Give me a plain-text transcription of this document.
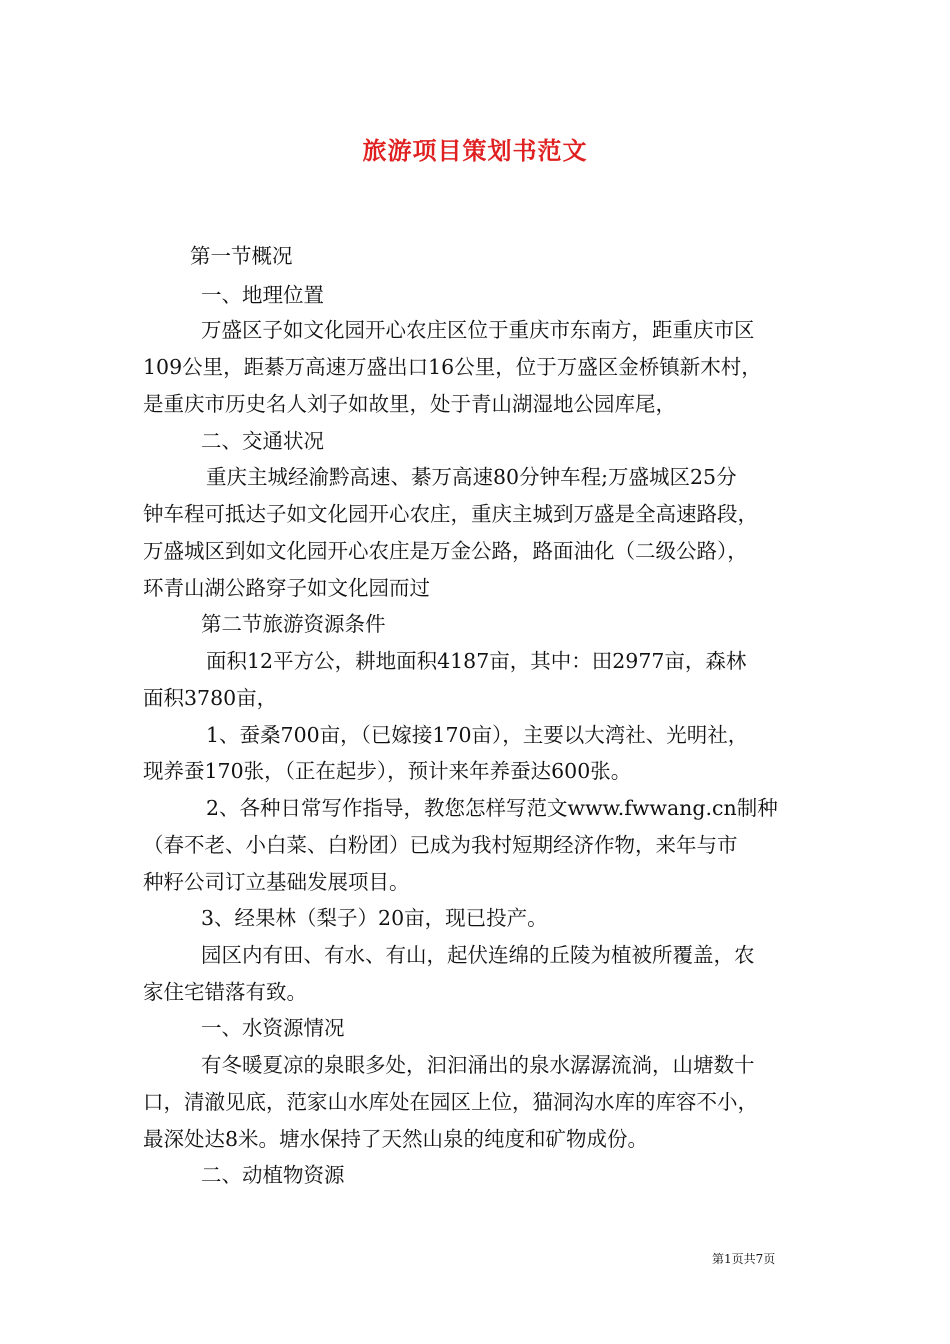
旅游项目策划书范文
第一节概况
一、地理位置
万盛区子如文化园开心农庄区位于重庆市东南方，距重庆市区
109公里，距綦万高速万盛出口16公里，位于万盛区金桥镇新木村，
是重庆市历史名人刘子如故里，处于青山湖湿地公园库尾，
二、交通状况
重庆主城经渝黔高速、綦万高速80分钟车程;万盛城区25分
钟车程可抵达子如文化园开心农庄，重庆主城到万盛是全高速路段，
万盛城区到如文化园开心农庄是万金公路，路面油化（二级公路），
环青山湖公路穿子如文化园而过
第二节旅游资源条件
面积12平方公，耕地面积4187亩，其中：田2977亩，森林
面积3780亩，
1、蚕桑700亩，（已嫁接170亩），主要以大湾社、光明社，
现养蚕170张，（正在起步），预计来年养蚕达600张。
2、各种日常写作指导，教您怎样写范文www.fwwang.cn制种
（春不老、小白菜、白粉团）已成为我村短期经济作物，来年与市
种籽公司订立基础发展项目。
3、经果林（梨子）20亩，现已投产。
园区内有田、有水、有山，起伏连绵的丘陵为植被所覆盖，农
家住宅错落有致。
一、水资源情况
有冬暖夏凉的泉眼多处，汩汩涌出的泉水潺潺流淌，山塘数十
口，清澈见底，范家山水库处在园区上位，猫洞沟水库的库容不小，
最深处达8米。塘水保持了天然山泉的纯度和矿物成份。
二、动植物资源
第1页共7页
